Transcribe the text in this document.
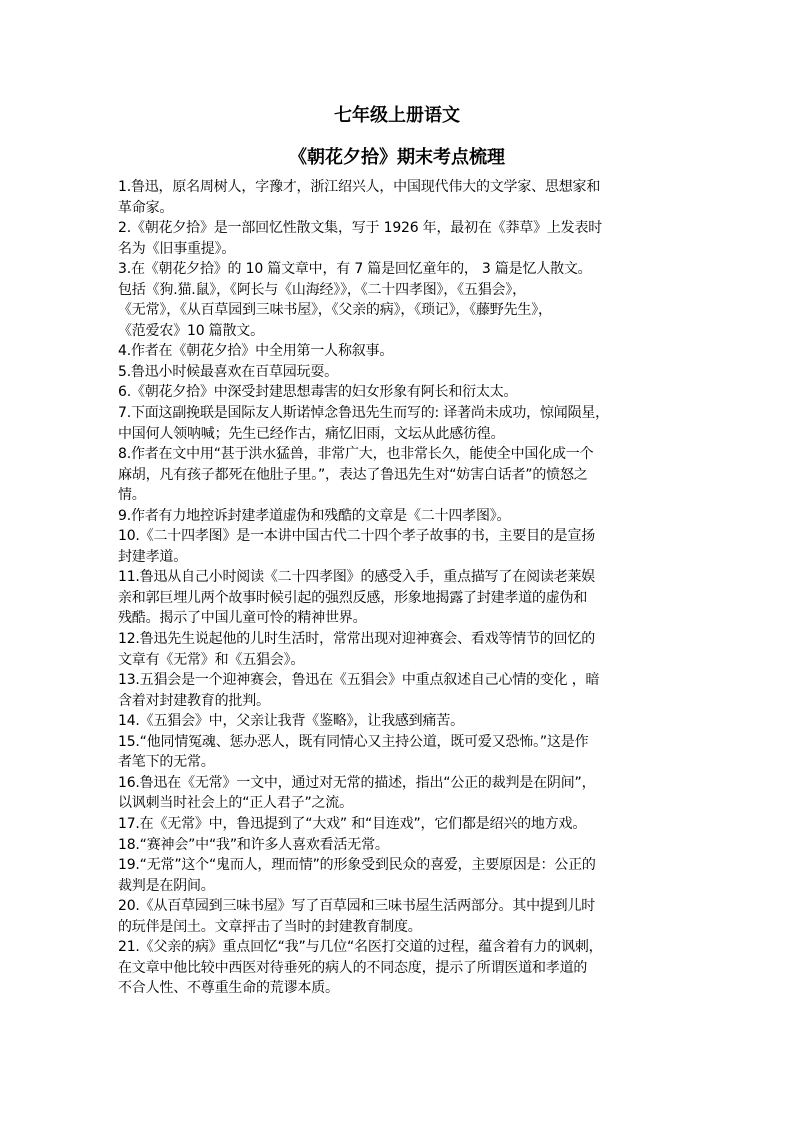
七年级上册语文
《朝花夕拾》期末考点梳理
1.鲁迅，原名周树人，字豫才，浙江绍兴人，中国现代伟大的文学家、思想家和
革命家。
2.《朝花夕拾》是一部回忆性散文集，写于 1926 年，最初在《莽草》上发表时
名为《旧事重提》。
3.在《朝花夕拾》的 10 篇文章中，有 7 篇是回忆童年的， 3 篇是忆人散文。
包括《狗.猫.鼠》，《阿长与《山海经》》，《二十四孝图》，《五猖会》，
《无常》，《从百草园到三味书屋》，《父亲的病》，《琐记》，《藤野先生》，
《范爱农》10 篇散文。
4.作者在《朝花夕拾》中全用第一人称叙事。
5.鲁迅小时候最喜欢在百草园玩耍。
6.《朝花夕拾》中深受封建思想毒害的妇女形象有阿长和衍太太。
7.下面这副挽联是国际友人斯诺悼念鲁迅先生而写的: 译著尚未成功，惊闻陨星，
中国何人领呐喊；先生已经作古，痛忆旧雨，文坛从此感彷徨。
8.作者在文中用“甚于洪水猛兽，非常广大，也非常长久，能使全中国化成一个
麻胡，凡有孩子都死在他肚子里。”，表达了鲁迅先生对“妨害白话者”的愤怒之
情。
9.作者有力地控诉封建孝道虚伪和残酷的文章是《二十四孝图》。
10.《二十四孝图》是一本讲中国古代二十四个孝子故事的书，主要目的是宣扬
封建孝道。
11.鲁迅从自己小时阅读《二十四孝图》的感受入手，重点描写了在阅读老莱娱
亲和郭巨埋儿两个故事时候引起的强烈反感，形象地揭露了封建孝道的虚伪和
残酷。揭示了中国儿童可怜的精神世界。
12.鲁迅先生说起他的儿时生活时，常常出现对迎神赛会、看戏等情节的回忆的
文章有《无常》和《五猖会》。
13.五猖会是一个迎神赛会，鲁迅在《五猖会》中重点叙述自己心情的变化 ，暗
含着对封建教育的批判。
14.《五猖会》中，父亲让我背《鉴略》，让我感到痛苦。
15.“他同情冤魂、惩办恶人，既有同情心又主持公道，既可爱又恐怖。”这是作
者笔下的无常。
16.鲁迅在《无常》一文中，通过对无常的描述，指出“公正的裁判是在阴间”，
以讽刺当时社会上的“正人君子”之流。
17.在《无常》中，鲁迅提到了“大戏” 和“目连戏”，它们都是绍兴的地方戏。
18.“赛神会”中“我”和许多人喜欢看活无常。
19.“无常”这个“鬼而人，理而情”的形象受到民众的喜爱，主要原因是：公正的
裁判是在阴间。
20.《从百草园到三味书屋》写了百草园和三味书屋生活两部分。其中提到儿时
的玩伴是闰土。文章抨击了当时的封建教育制度。
21.《父亲的病》重点回忆“我”与几位“名医打交道的过程，蕴含着有力的讽刺，
在文章中他比较中西医对待垂死的病人的不同态度，提示了所谓医道和孝道的
不合人性、不尊重生命的荒谬本质。
